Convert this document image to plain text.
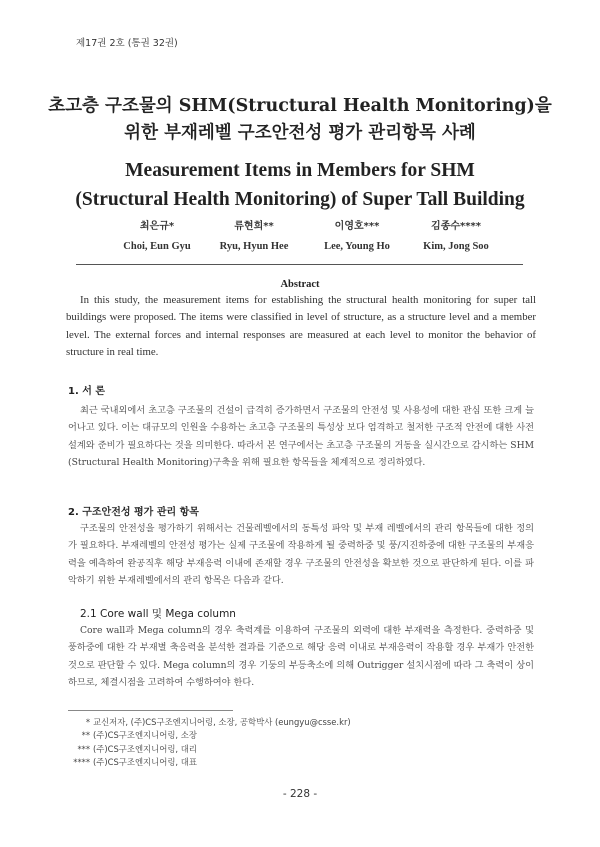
제17권 2호 (통권 32권)
초고층 구조물의 SHM(Structural Health Monitoring)을
위한 부재레벨 구조안전성 평가 관리항목 사례
Measurement Items in Members for SHM
(Structural Health Monitoring) of Super Tall Building
최은규*
Choi, Eun Gyu
류현희**
Ryu, Hyun Hee
이영호***
Lee, Young Ho
김종수****
Kim, Jong Soo
Abstract
In this study, the measurement items for establishing the structural health monitoring for super tall buildings were proposed. The items were classified in level of structure, as a structure level and a member level. The external forces and internal responses are measured at each level to monitor the behavior of structure in real time.
1. 서 론
최근 국내외에서 초고층 구조물의 건설이 급격히 증가하면서 구조물의 안전성 및 사용성에 대한 관심 또한 크게 늘어나고 있다. 이는 대규모의 인원을 수용하는 초고층 구조물의 특성상 보다 엄격하고 철저한 구조적 안전에 대한 사전 설계와 준비가 필요하다는 것을 의미한다. 따라서 본 연구에서는 초고층 구조물의 거동을 실시간으로 감시하는 SHM (Structural Health Monitoring)구축을 위해 필요한 항목들을 체계적으로 정리하였다.
2. 구조안전성 평가 관리 항목
구조물의 안전성을 평가하기 위해서는 건물레벨에서의 동특성 파악 및 부재 레벨에서의 관리 항목들에 대한 정의가 필요하다. 부재레벨의 안전성 평가는 실제 구조물에 작용하게 될 중력하중 및 풍/지진하중에 대한 구조물의 부재응력을 예측하여 완공직후 해당 부재응력 이내에 존재할 경우 구조물의 안전성을 확보한 것으로 판단하게 된다. 이를 파악하기 위한 부재레벨에서의 관리 항목은 다음과 같다.
2.1 Core wall 및 Mega column
Core wall과 Mega column의 경우 축력계를 이용하여 구조물의 외력에 대한 부재력을 측정한다. 중력하중 및 풍하중에 대한 각 부재별 축응력을 분석한 결과를 기준으로 해당 응력 이내로 부재응력이 작용할 경우 부재가 안전한 것으로 판단할 수 있다. Mega column의 경우 기둥의 부등축소에 의해 Outrigger 설치시점에 따라 그 축력이 상이하므로, 체결시점을 고려하여 수행하여야 한다.
* 교신저자, (주)CS구조엔지니어링, 소장, 공학박사 (eungyu@csse.kr)
** (주)CS구조엔지니어링, 소장
*** (주)CS구조엔지니어링, 대리
**** (주)CS구조엔지니어링, 대표
- 228 -
